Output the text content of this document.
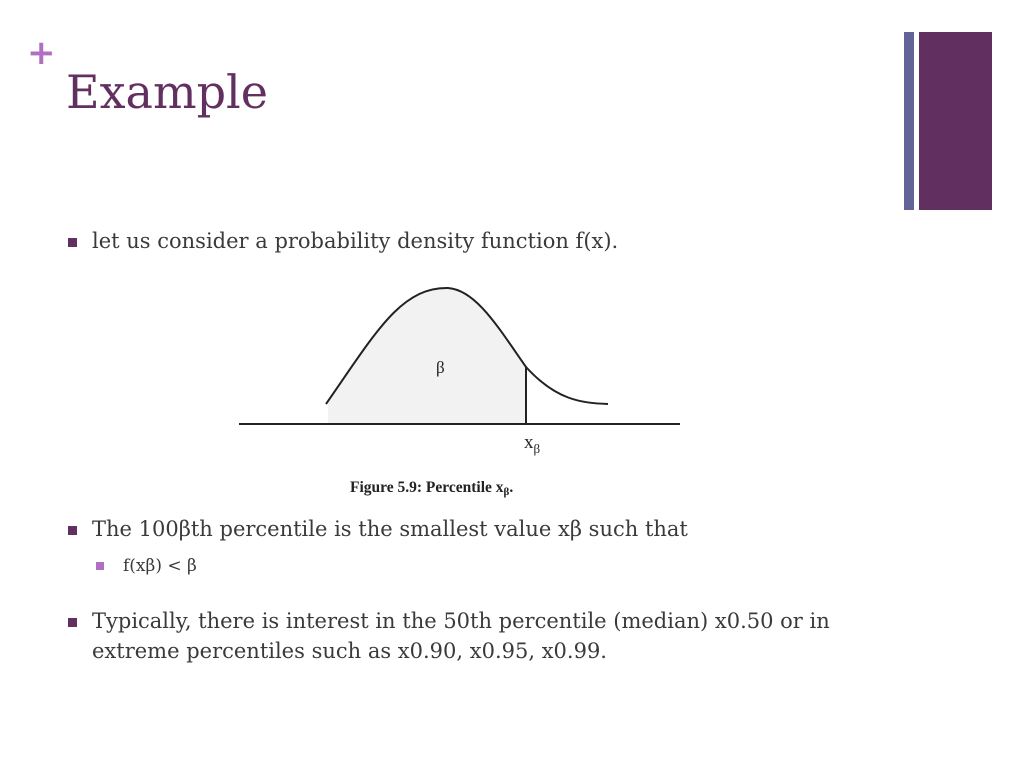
+
Example
let us consider a probability density function f(x).
β
$x_\beta$
Figure 5.9: Percentile xβ.
The 100βth percentile is the smallest value xβ such that
f(xβ) < β
Typically, there is interest in the 50th percentile (median) x0.50 or in extreme percentiles such as x0.90, x0.95, x0.99.
